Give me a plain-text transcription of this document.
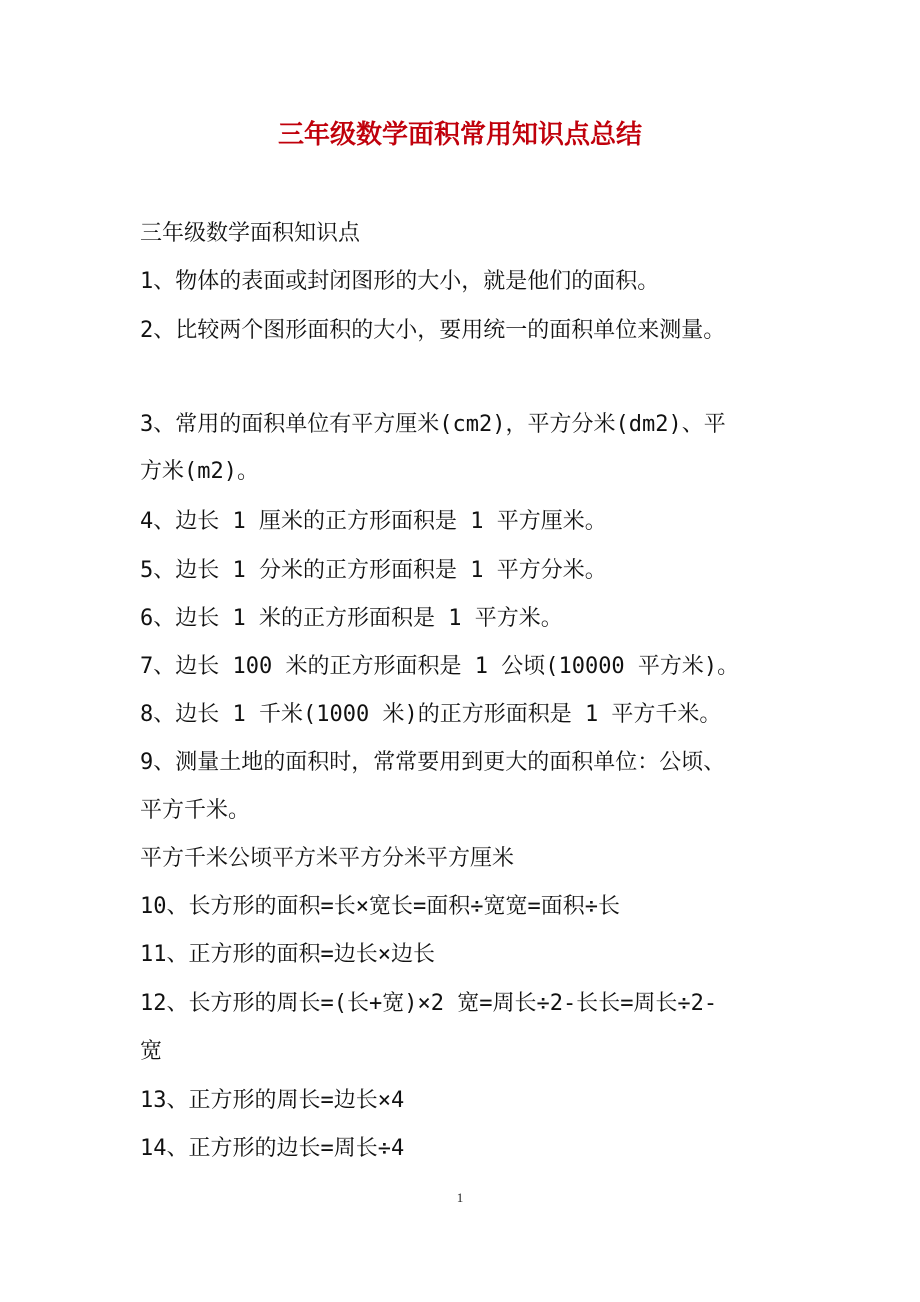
三年级数学面积常用知识点总结
三年级数学面积知识点
1、物体的表面或封闭图形的大小，就是他们的面积。
2、比较两个图形面积的大小，要用统一的面积单位来测量。
3、常用的面积单位有平方厘米(cm2)，平方分米(dm2)、平
方米(m2)。
4、边长 1 厘米的正方形面积是 1 平方厘米。
5、边长 1 分米的正方形面积是 1 平方分米。
6、边长 1 米的正方形面积是 1 平方米。
7、边长 100 米的正方形面积是 1 公顷(10000 平方米)。
8、边长 1 千米(1000 米)的正方形面积是 1 平方千米。
9、测量土地的面积时，常常要用到更大的面积单位：公顷、
平方千米。
平方千米公顷平方米平方分米平方厘米
10、长方形的面积=长×宽长=面积÷宽宽=面积÷长
11、正方形的面积=边长×边长
12、长方形的周长=(长+宽)×2 宽=周长÷2-长长=周长÷2-
宽
13、正方形的周长=边长×4
14、正方形的边长=周长÷4
1
